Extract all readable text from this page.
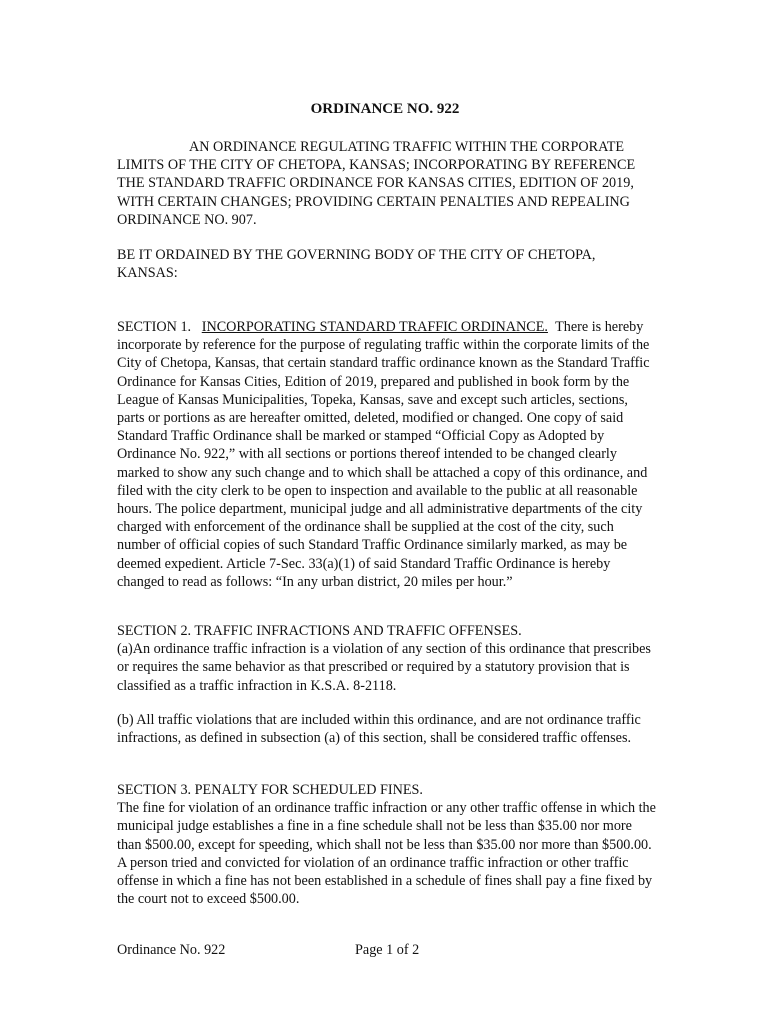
ORDINANCE NO. 922

AN ORDINANCE REGULATING TRAFFIC WITHIN THE CORPORATE LIMITS OF THE CITY OF CHETOPA, KANSAS; INCORPORATING BY REFERENCE THE STANDARD TRAFFIC ORDINANCE FOR KANSAS CITIES, EDITION OF 2019, WITH CERTAIN CHANGES; PROVIDING CERTAIN PENALTIES AND REPEALING ORDINANCE NO. 907.

BE IT ORDAINED BY THE GOVERNING BODY OF THE CITY OF CHETOPA, KANSAS:

SECTION 1. INCORPORATING STANDARD TRAFFIC ORDINANCE. There is hereby incorporate by reference for the purpose of regulating traffic within the corporate limits of the City of Chetopa, Kansas, that certain standard traffic ordinance known as the Standard Traffic Ordinance for Kansas Cities, Edition of 2019, prepared and published in book form by the League of Kansas Municipalities, Topeka, Kansas, save and except such articles, sections, parts or portions as are hereafter omitted, deleted, modified or changed. One copy of said Standard Traffic Ordinance shall be marked or stamped “Official Copy as Adopted by Ordinance No. 922,” with all sections or portions thereof intended to be changed clearly marked to show any such change and to which shall be attached a copy of this ordinance, and filed with the city clerk to be open to inspection and available to the public at all reasonable hours. The police department, municipal judge and all administrative departments of the city charged with enforcement of the ordinance shall be supplied at the cost of the city, such number of official copies of such Standard Traffic Ordinance similarly marked, as may be deemed expedient. Article 7-Sec. 33(a)(1) of said Standard Traffic Ordinance is hereby changed to read as follows: “In any urban district, 20 miles per hour.”

SECTION 2. TRAFFIC INFRACTIONS AND TRAFFIC OFFENSES.

(a)An ordinance traffic infraction is a violation of any section of this ordinance that prescribes or requires the same behavior as that prescribed or required by a statutory provision that is classified as a traffic infraction in K.S.A. 8-2118.

(b) All traffic violations that are included within this ordinance, and are not ordinance traffic infractions, as defined in subsection (a) of this section, shall be considered traffic offenses.

SECTION 3. PENALTY FOR SCHEDULED FINES.

The fine for violation of an ordinance traffic infraction or any other traffic offense in which the municipal judge establishes a fine in a fine schedule shall not be less than $35.00 nor more than $500.00, except for speeding, which shall not be less than $35.00 nor more than $500.00. A person tried and convicted for violation of an ordinance traffic infraction or other traffic offense in which a fine has not been established in a schedule of fines shall pay a fine fixed by the court not to exceed $500.00.

Ordinance No. 922	Page 1 of 2
